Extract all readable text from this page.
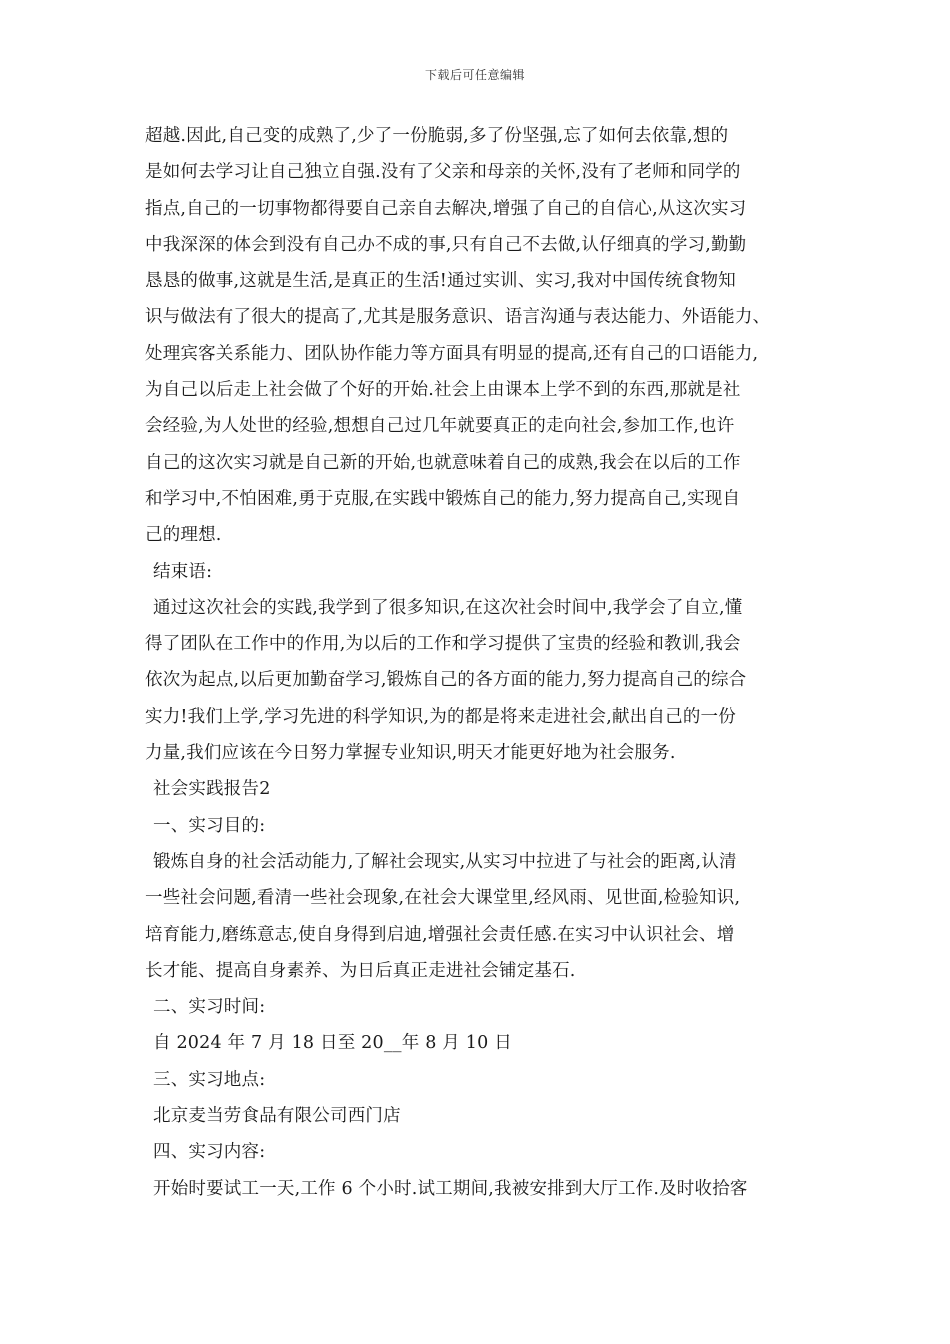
下载后可任意编辑
超越.因此,自己变的成熟了,少了一份脆弱,多了份坚强,忘了如何去依靠,想的
是如何去学习让自己独立自强.没有了父亲和母亲的关怀,没有了老师和同学的
指点,自己的一切事物都得要自己亲自去解决,增强了自己的自信心,从这次实习
中我深深的体会到没有自己办不成的事,只有自己不去做,认仔细真的学习,勤勤
恳恳的做事,这就是生活,是真正的生活!通过实训、实习,我对中国传统食物知
识与做法有了很大的提高了,尤其是服务意识、语言沟通与表达能力、外语能力、
处理宾客关系能力、团队协作能力等方面具有明显的提高,还有自己的口语能力,
为自己以后走上社会做了个好的开始.社会上由课本上学不到的东西,那就是社
会经验,为人处世的经验,想想自己过几年就要真正的走向社会,参加工作,也许
自己的这次实习就是自己新的开始,也就意味着自己的成熟,我会在以后的工作
和学习中,不怕困难,勇于克服,在实践中锻炼自己的能力,努力提高自己,实现自
己的理想.
结束语:
通过这次社会的实践,我学到了很多知识,在这次社会时间中,我学会了自立,懂
得了团队在工作中的作用,为以后的工作和学习提供了宝贵的经验和教训,我会
依次为起点,以后更加勤奋学习,锻炼自己的各方面的能力,努力提高自己的综合
实力!我们上学,学习先进的科学知识,为的都是将来走进社会,献出自己的一份
力量,我们应该在今日努力掌握专业知识,明天才能更好地为社会服务.
社会实践报告2
一、实习目的:
锻炼自身的社会活动能力,了解社会现实,从实习中拉进了与社会的距离,认清
一些社会问题,看清一些社会现象,在社会大课堂里,经风雨、见世面,检验知识,
培育能力,磨练意志,使自身得到启迪,增强社会责任感.在实习中认识社会、增
长才能、提高自身素养、为日后真正走进社会铺定基石.
二、实习时间:
自 2024 年 7 月 18 日至 20__年 8 月 10 日
三、实习地点:
北京麦当劳食品有限公司西门店
四、实习内容:
开始时要试工一天,工作 6 个小时.试工期间,我被安排到大厅工作.及时收拾客
